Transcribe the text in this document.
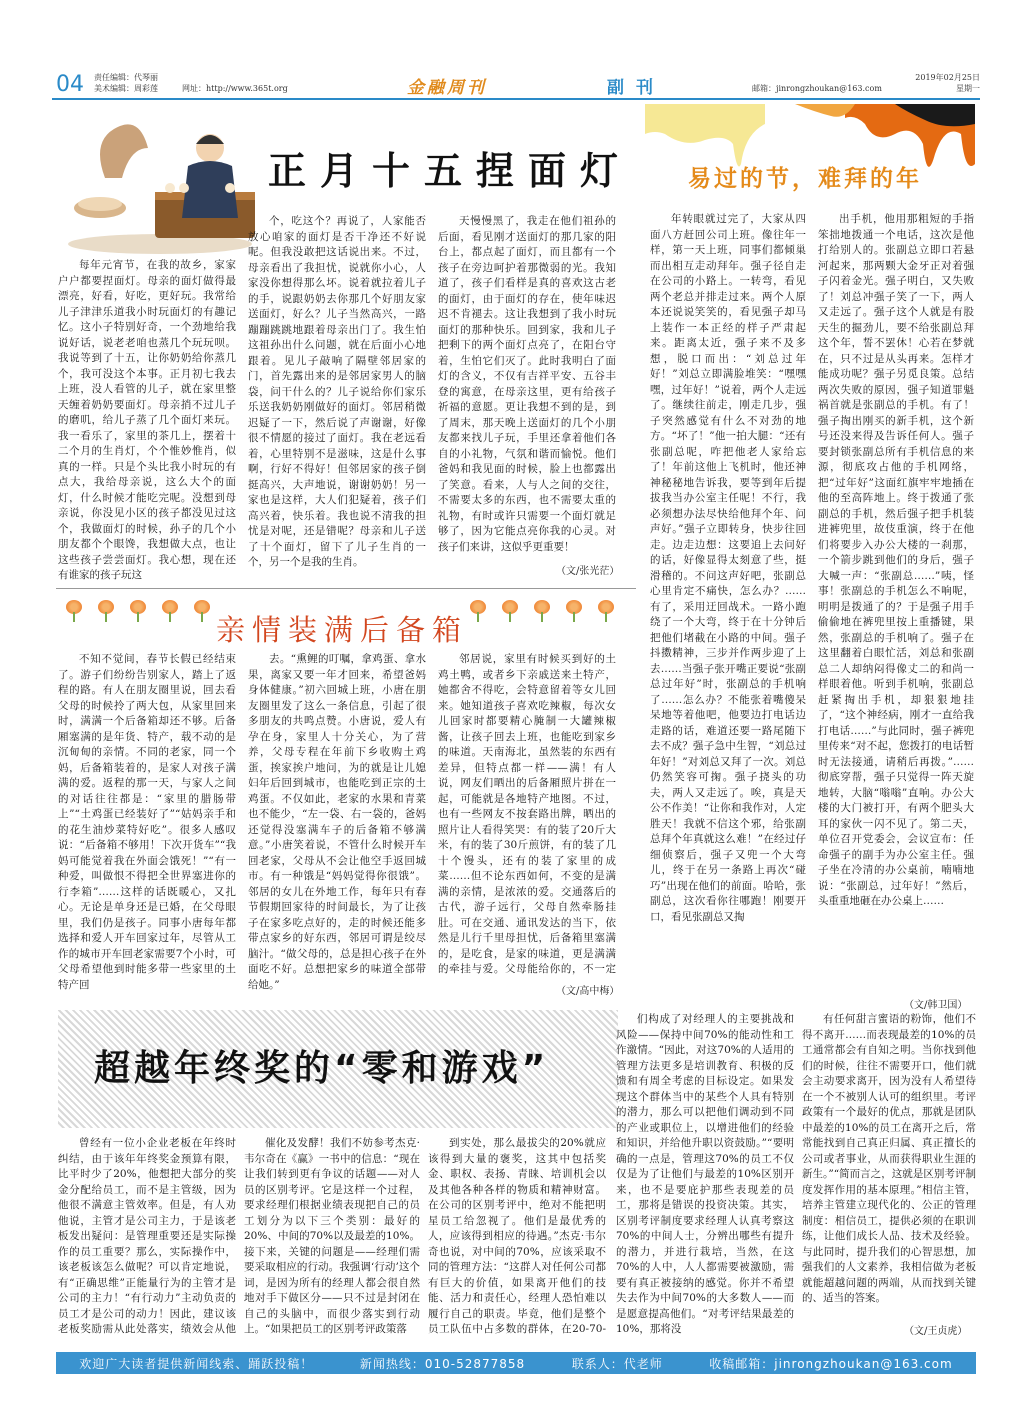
04 责任编辑：代琴丽
美术编辑：周彩莲	网址：http://www.365t.org	金融周刊	副刊	邮箱：jinrongzhoukan@163.com
2019年02月25日
星期一
正月十五捏面灯

每年元宵节，在我的故乡，家家户户都要捏面灯。母亲的面灯做得最漂亮，好看，好吃，更好玩。我常给儿子津津乐道我小时玩面灯的有趣记忆。这小子特别好奇，一个劲地给我说好话，说老老咱也蒸几个玩玩呗。我说等到了十五，让你奶奶给你蒸几个，我可没这个本事。正月初七我去上班，没人看管的儿子，就在家里整天缠着奶奶要面灯。母亲捎不过儿子的磨叽，给儿子蒸了几个面灯来玩。我一看乐了，家里的茶几上，摆着十二个月的生肖灯，个个惟妙惟肖，似真的一样。只是个头比我小时玩的有点大，我给母亲说，这么大个的面灯，什么时候才能吃完呢。没想到母亲说，你没见小区的孩子都没见过这个，我做面灯的时候，孙子的几个小朋友都个个眼馋，我想做大点，也让这些孩子尝尝面灯。我心想，现在还有谁家的孩子玩这

个，吃这个？再说了，人家能否放心咱家的面灯是否干净还不好说呢。但我没敢把这话说出来。不过，母亲看出了我担忧，说就你小心，人家没你想得那么坏。说着就拉着儿子的手，说跟奶奶去你那几个好朋友家送面灯，好么？儿子当然高兴，一路蹦蹦跳跳地跟着母亲出门了。我生怕这祖孙出什么问题，就在后面小心地跟着。见儿子敲响了隔壁邻居家的门，首先露出来的是邻居家男人的脑袋，问干什么的？儿子说给你们家乐乐送我奶奶刚做好的面灯。邻居稍微迟疑了一下，然后说了声谢谢，好像很不情愿的接过了面灯。我在老远看着，心里特别不是滋味，这是什么事啊，行好不得好！但邻居家的孩子倒挺高兴，大声地说，谢谢奶奶！另一家也是这样，大人们犯疑着，孩子们高兴着，快乐着。我也说不清我的担忧是对呢，还是错呢？母亲和儿子送了十个面灯，留下了儿子生肖的一个，另一个是我的生肖。

天慢慢黑了，我走在他们祖孙的后面，看见刚才送面灯的那几家的阳台上，都点起了面灯，而且都有一个孩子在旁边呵护着那微弱的光。我知道了，孩子们看样是真的喜欢这古老的面灯，由于面灯的存在，使年味迟迟不肯褪去。这让我想到了我小时玩面灯的那种快乐。回到家，我和儿子把剩下的两个面灯点亮了，在阳台守着，生怕它们灭了。此时我明白了面灯的含义，不仅有吉祥平安、五谷丰登的寓意，在母亲这里，更有给孩子祈福的意愿。更让我想不到的是，到了周末，那天晚上送面灯的几个小朋友都来找儿子玩，手里还拿着他们各自的小礼物，气氛和谐而愉悦。他们爸妈和我见面的时候，脸上也都露出了笑意。看来，人与人之间的交往，不需要太多的东西，也不需要太重的礼物，有时或许只需要一个面灯就足够了，因为它能点亮你我的心灵。对孩子们来讲，这似乎更重要！

（文/张光茫）
亲情装满后备箱

不知不觉间，春节长假已经结束了。游子们纷纷告别家人，踏上了返程的路。有人在朋友圈里说，回去看父母的时候拎了两大包，从家里回来时，满满一个后备箱却还不够。后备厢塞满的是年货、特产，载不动的是沉甸甸的亲情。不同的老家，同一个妈，后备箱装着的，是家人对孩子满满的爱。返程的那一天，与家人之间的对话往往都是：“家里的腊肠带上”“土鸡蛋已经装好了”“姑妈亲手和的花生油炒菜特好吃”。很多人感叹说：“后备箱不够用！下次开货车”“我妈可能觉着我在外面会饿死！”“有一种爱，叫做恨不得把全世界塞进你的行李箱”……这样的话既暖心，又扎心。无论是单身还是已婚，在父母眼里，我们仍是孩子。同事小唐每年都选择和爱人开车回家过年，尽管从工作的城市开车回老家需要7个小时，可父母希望他到时能多带一些家里的土特产回

去。“熏鲤的叮嘱，拿鸡蛋、拿水果，离家又要一年才回来，希望爸妈身体健康。”初六回城上班，小唐在朋友圈里发了这么一条信息，引起了很多朋友的共鸣点赞。小唐说，爱人有孕在身，家里人十分关心，为了营养，父母专程在年前下乡收购土鸡蛋，挨家挨户地问，为的就是让儿媳妇年后回到城市，也能吃到正宗的土鸡蛋。不仅如此，老家的水果和青菜也不能少，“左一袋、右一袋的，爸妈还觉得没塞满车子的后备箱不够满意。”小唐笑着说，不管什么时候开车回老家，父母从不会让他空手返回城市。有一种饿是“妈妈觉得你很饿”。邻居的女儿在外地工作，每年只有春节假期回家待的时间最长，为了让孩子在家多吃点好的，走的时候还能多带点家乡的好东西，邻居可谓是绞尽脑汁。“做父母的，总是担心孩子在外面吃不好。总想把家乡的味道全部带给她。”

邻居说，家里有时候买到好的土鸡土鸭，或者乡下亲戚送来土特产，她都舍不得吃，会特意留着等女儿回来。她知道孩子喜欢吃辣椒，每次女儿回家时都要精心腌制一大罐辣椒酱，让孩子回去上班，也能吃到家乡的味道。天南海北，虽然装的东西有差异，但特点都一样——满！有人说，网友们晒出的后备厢照片拼在一起，可能就是各地特产地图。不过，也有一些网友不按套路出牌，晒出的照片让人看得笑哭：有的装了20斤大米，有的装了30斤煎饼，有的装了几十个馒头，还有的装了家里的成菜……但不论东西如何，不变的是满满的亲情，是浓浓的爱。交通落后的古代，游子远行，父母自然牵肠挂肚。可在交通、通讯发达的当下，依然是儿行千里母担忧，后备箱里塞满的，是吃食，是家的味道，更是满满的牵挂与爱。父母能给你的，不一定

（文/高中梅）
易过的节，难拜的年

年转眼就过完了，大家从四面八方赶回公司上班。像往年一样，第一天上班，同事们都倾巢而出相互走动拜年。强子径自走在公司的小路上。一转弯，看见两个老总并排走过来。两个人原本还说说笑笑的，看见强子却马上装作一本正经的样子严肃起来。距离太近，强子来不及多想，脱口而出：“刘总过年好！”刘总立即满脸堆笑：“嘿嘿嘿，过年好！”说着，两个人走远了。继续往前走，刚走几步，强子突然感觉有什么不对劲的地方。“坏了！”他一拍大腿：“还有张副总呢，咋把他老人家给忘了！年前这他上飞机时，他还神神秘秘地告诉我，要等到年后提拔我当办公室主任呢！不行，我必须想办法尽快给他拜个年、问声好。”强子立即转身，快步往回走。边走边想：这要追上去问好的话，好像显得太刻意了些，挺滑稽的。不问这声好吧，张副总心里肯定不痛快，怎么办？……有了，采用迂回战术。一路小跑绕了一个大弯，终于在十分钟后把他们堵截在小路的中间。强子抖擞精神，三步并作两步迎了上去……当强子张开嘴正要说“张副总过年好”时，张副总的手机响了……怎么办？不能张着嘴傻呆呆地等着他吧，他要边打电话边走路的话，难道还要一路尾随下去不成？强子急中生智，“刘总过年好！”对刘总又拜了一次。刘总仍然笑容可掬。强子挠头的功夫，两人又走远了。唉，真是天公不作美！“让你和我作对，人定胜天！我就不信这个邪，给张副总拜个年真就这么难！”在经过仔细侦察后，强子又兜一个大弯儿，终于在另一条路上再次“碰巧”出现在他们的前面。哈哈，张副总，这次看你往哪跑！刚要开口，看见张副总又掏

出手机，他用那粗短的手指笨拙地拨通一个电话，这次是他打给别人的。张副总立即口若悬河起来，那两颗大金牙正对着强子闪着金光。强子明白，又失败了！刘总冲强子笑了一下，两人又走远了。强子这个人就是有股天生的掘劲儿，要不给张副总拜这个年，誓不罢休！心若在梦就在，只不过是从头再来。怎样才能成功呢？强子另觅良策。总结两次失败的原因，强子知道罪魁祸首就是张副总的手机。有了！强子掏出刚买的新手机，这个新号还没来得及告诉任何人。强子要封锁张副总所有手机信息的来源，彻底攻占他的手机网络，把“过年好”这面红旗牢牢地插在他的至高阵地上。终于拨通了张副总的手机，然后强子把手机装进裤兜里，故伎重演，终于在他们将要步入办公大楼的一刹那，一个箭步跳到他们的身后，强子大喊一声：“张副总……”咦，怪事！张副总的手机怎么不响呢，明明是拨通了的？于是强子用手偷偷地在裤兜里按上重播键，果然，张副总的手机响了。强子在这里翻着白眼忙活，刘总和张副总二人却纳闷得像丈二的和尚一样眼着他。听到手机响，张副总赶紧掏出手机，却狠狠地挂了，“这个神经病，刚才一直给我打电话……”与此同时，强子裤兜里传来“对不起，您拨打的电话暂时无法接通，请稍后再拨。”……彻底穿帮，强子只觉得一阵天旋地转，大脑“嗡嗡”直响。办公大楼的大门被打开，有两个肥头大耳的家伙一闪不见了。第二天，单位召开党委会，会议宣布：任命强子的副手为办公室主任。强子坐在冷清的办公桌前，喃喃地说：“张副总，过年好！”然后，头重重地砸在办公桌上……

（文/韩卫国）
超越年终奖的“零和游戏”

曾经有一位小企业老板在年终时纠结，由于该年年终奖金预算有限，比平时少了20%，他想把大部分的奖金分配给员工，而不是主管级，因为他很不满意主管效率。但是，有人劝他说，主管才是公司主力，于是该老板发出疑问：是管理重要还是实际操作的员工重要？那么，实际操作中，该老板该怎么做呢？可以肯定地说，有“正确思维”正能量行为的主管才是公司的主力！“有行动力”主动负责的员工才是公司的动力！因此，建议该老板奖励需从此处落实，绩效会从他

催化及发酵！我们不妨参考杰克·韦尔奇在《赢》一书中的信息：“现在让我们转到更有争议的话题——对人员的区别考评。它是这样一个过程，要求经理们根据业绩表现把自己的员工划分为以下三个类别：最好的20%、中间的70%以及最差的10%。接下来，关键的问题是——经理们需要采取相应的行动。我强调‘行动’这个词，是因为所有的经理人都会很自然地对手下做区分——只不过是封闭在自己的头脑中，而很少落实到行动上。“如果把员工的区别考评政策落

到实处，那么最拔尖的20%就应该得到大量的褒奖，这其中包括奖金、职权、表扬、青睐、培训机会以及其他各种各样的物质和精神财富。在公司的区别考评中，绝对不能把明星员工给忽视了。他们是最优秀的人，应该得到相应的待遇。”杰克·韦尔奇也说，对中间的70%，应该采取不同的管理方法：“这群人对任何公司都有巨大的价值，如果离开他们的技能、活力和责任心，经理人恐怕难以履行自己的职责。毕竟，他们是整个员工队伍中占多数的群体，在20-70-

们构成了对经理人的主要挑战和风险——保持中间70%的能动性和工作激情。“因此，对这70%的人适用的管理方法更多是培训教育、积极的反馈和有周全考虑的目标设定。如果发现这个群体当中的某些个人具有特别的潜力，那么可以把他们调动到不同的产业或职位上，以增进他们的经验和知识，并给他升职以资鼓励。”“要明确的一点是，管理这70%的员工不仅仅是为了让他们与最差的10%区别开来，也不是要庇护那些表现差的员工，那将是错误的投资决策。其实，区别考评制度要求经理人认真考察这70%的中间人士，分辨出哪些有提升的潜力，并进行栽培，当然，在这70%的人中，人人都需要被激励，需要有真正被接纳的感觉。你并不希望失去作为中间70%的大多数人——而是愿意提高他们。“对考评结果最差的10%，那将没

有任何甜言蜜语的粉饰，他们不得不离开……而表现最差的10%的员工通常都会有自知之明。当你找到他们的时候，往往不需要开口，他们就会主动要求离开，因为没有人希望待在一个不被别人认可的组织里。考评政策有一个最好的优点，那就是团队中最差的10%的员工在离开之后，常常能找到自己真正归属、真正擅长的公司或者事业，从而获得职业生涯的新生。”“简而言之，这就是区别考评制度发挥作用的基本原理。”相信主管，培养主管建立现代化的、公正的管理制度：相信员工，提供必须的在职训练，让他们成长人品、技术及经验。与此同时，提升我们的心智思想，加强我们的人文素养，我相信做为老板就能超越问题的两端，从而找到关键的、适当的答案。

（文/王贞虎）
欢迎广大读者提供新闻线索、踊跃投稿！	新闻热线：010-52877858	联系人：代老师	收稿邮箱：jinrongzhoukan@163.com
